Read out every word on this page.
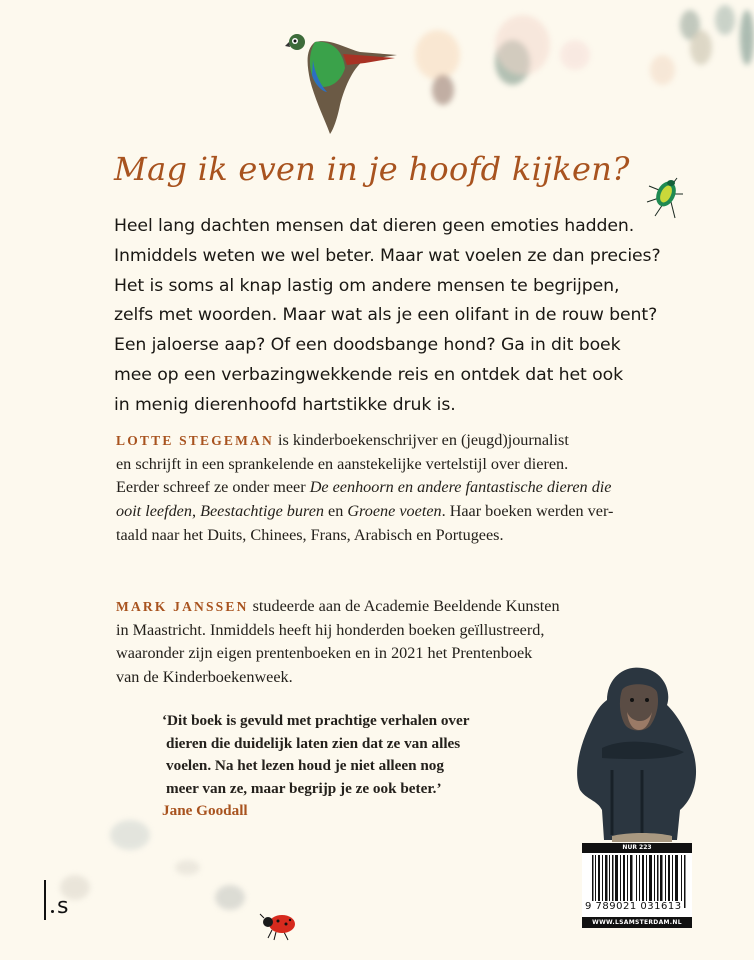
Mag ik even in je hoofd kijken?
Heel lang dachten mensen dat dieren geen emoties hadden.
Inmiddels weten we wel beter. Maar wat voelen ze dan precies?
Het is soms al knap lastig om andere mensen te begrijpen,
zelfs met woorden. Maar wat als je een olifant in de rouw bent?
Een jaloerse aap? Of een doodsbange hond? Ga in dit boek
mee op een verbazingwekkende reis en ontdek dat het ook
in menig dierenhoofd hartstikke druk is.
LOTTE STEGEMAN is kinderboekenschrijver en (jeugd)journalist
en schrijft in een sprankelende en aanstekelijke vertelstijl over dieren.
Eerder schreef ze onder meer De eenhoorn en andere fantastische dieren die
ooit leefden, Beestachtige buren en Groene voeten. Haar boeken werden ver-
taald naar het Duits, Chinees, Frans, Arabisch en Portugees.
MARK JANSSEN studeerde aan de Academie Beeldende Kunsten
in Maastricht. Inmiddels heeft hij honderden boeken geïllustreerd,
waaronder zijn eigen prentenboeken en in 2021 het Prentenboek
van de Kinderboekenweek.
‘Dit boek is gevuld met prachtige verhalen over
dieren die duidelijk laten zien dat ze van alles
voelen. Na het lezen houd je niet alleen nog
meer van ze, maar begrijp je ze ook beter.’
Jane Goodall
NUR 223
9 789021 031613
WWW.LSAMSTERDAM.NL
s
